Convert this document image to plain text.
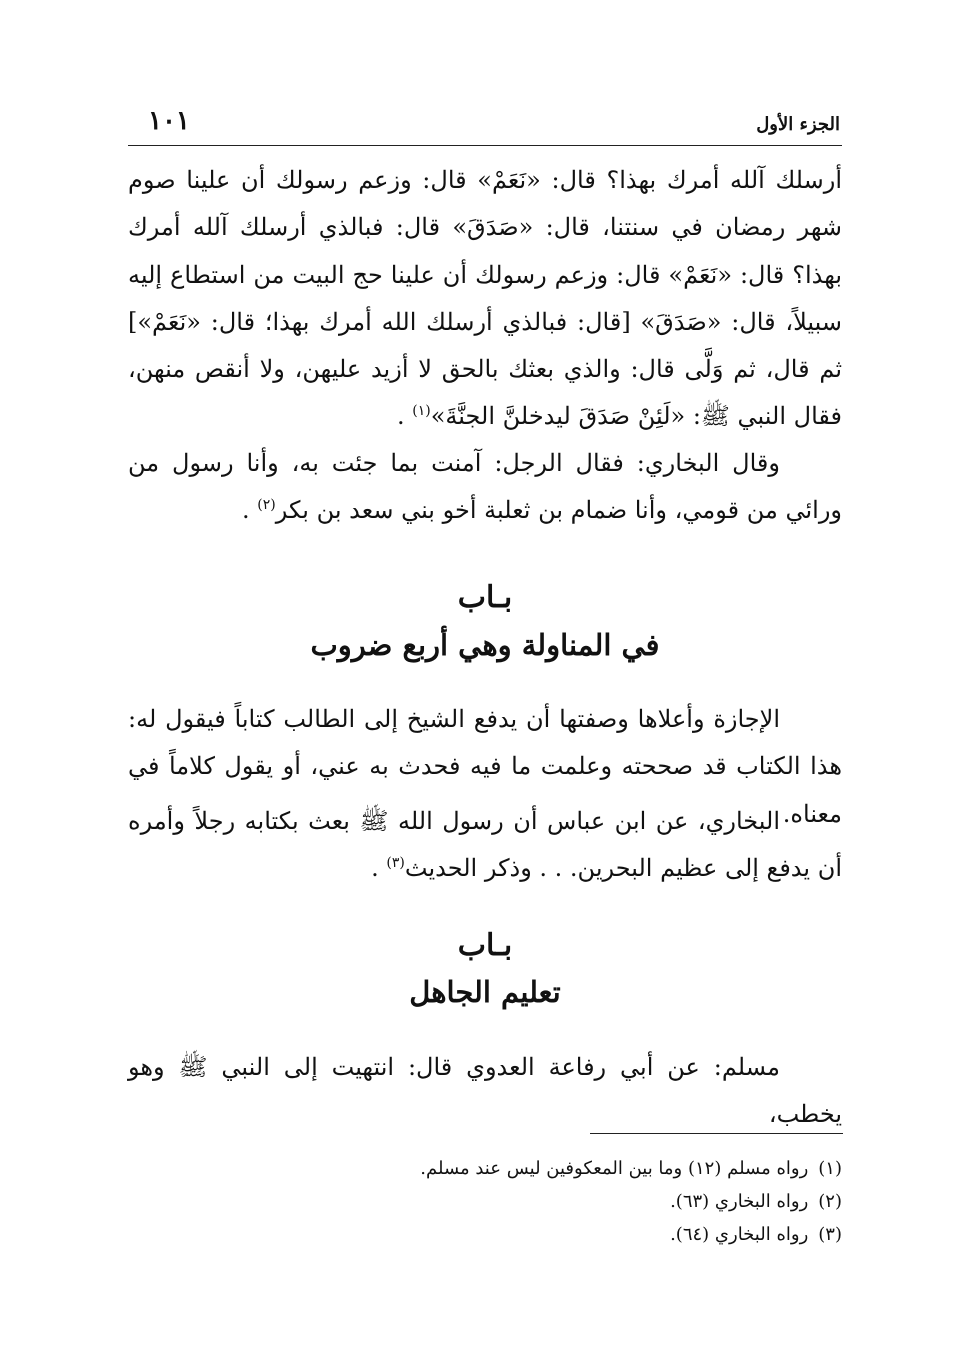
الجزء الأول
١٠١

أرسلك آلله أمرك بهذا؟ قال: «نَعَمْ» قال: وزعم رسولك أن علينا صوم شهر رمضان في سنتنا، قال: «صَدَقَ» قال: فبالذي أرسلك آلله أمرك بهذا؟ قال: «نَعَمْ» قال: وزعم رسولك أن علينا حج البيت من استطاع إليه سبيلاً، قال: «صَدَقَ» [قال: فبالذي أرسلك الله أمرك بهذا؛ قال: «نَعَمْ»] ثم قال، ثم وَلَّى قال: والذي بعثك بالحق لا أزيد عليهن، ولا أنقص منهن، فقال النبي ﷺ: «لَئِنْ صَدَقَ ليدخلنَّ الجنَّةَ»$^{(١)}$ .

وقال البخاري: فقال الرجل: آمنت بما جئت به، وأنا رسول من ورائي من قومي، وأنا ضمام بن ثعلبة أخو بني سعد بن بكر$^{(٢)}$ .

بـاب
في المناولة وهي أربع ضروب

الإجازة وأعلاها وصفتها أن يدفع الشيخ إلى الطالب كتاباً فيقول له: هذا الكتاب قد صححته وعلمت ما فيه فحدث به عني، أو يقول كلاماً في معناه.

البخاري، عن ابن عباس أن رسول الله ﷺ بعث بكتابه رجلاً وأمره أن يدفع إلى عظيم البحرين. . . وذكر الحديث$^{(٣)}$ .

بـاب
تعليم الجاهل

مسلم: عن أبي رفاعة العدوي قال: انتهيت إلى النبي ﷺ وهو يخطب،

(١)رواه مسلم (١٢) وما بين المعكوفين ليس عند مسلم.
(٢)رواه البخاري (٦٣).
(٣)رواه البخاري (٦٤).
